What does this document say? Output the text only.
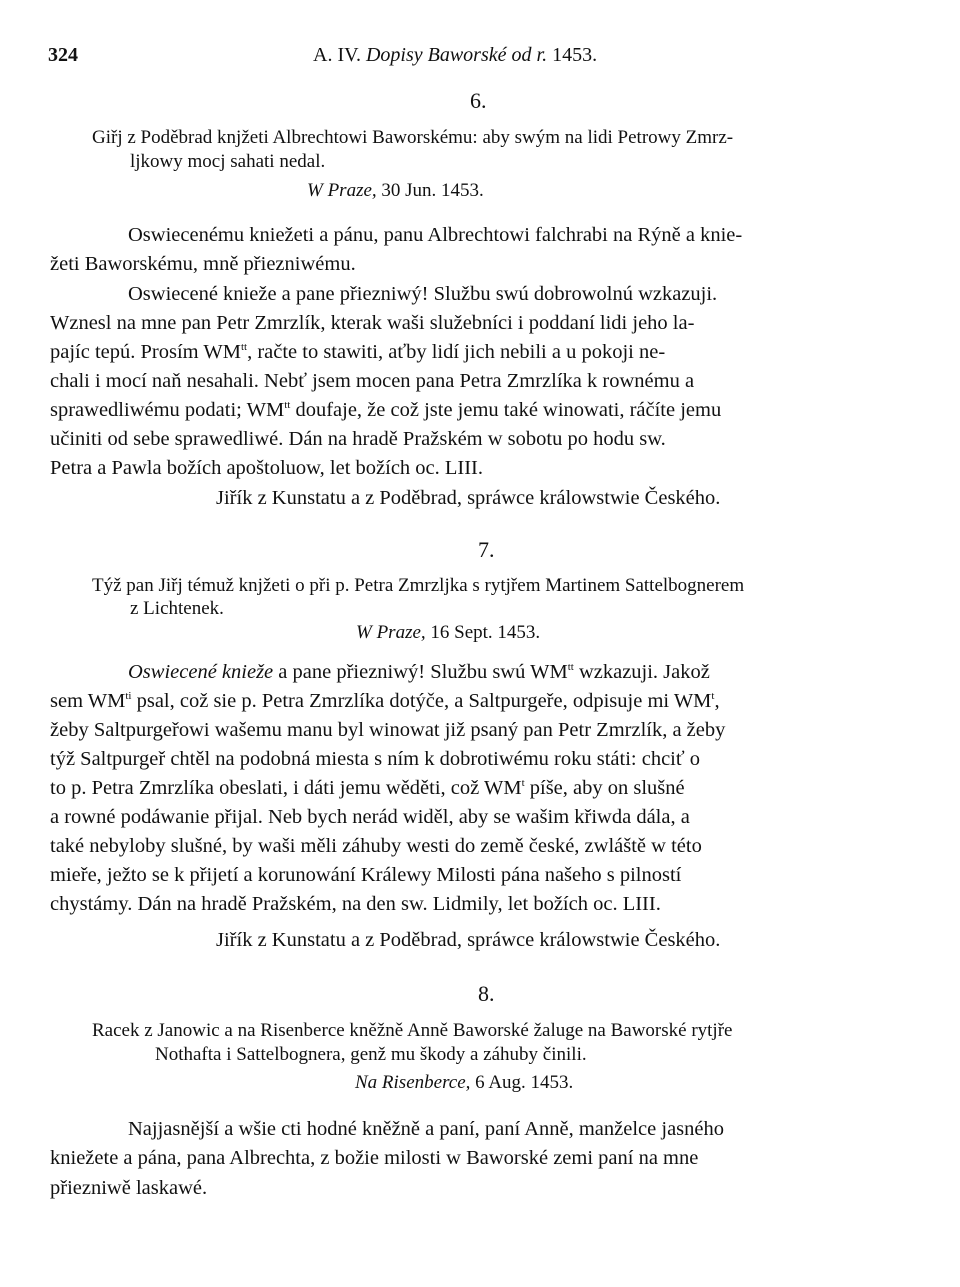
324	A. IV. Dopisy Baworské od r. 1453.
6.
Giřj z Poděbrad knjžeti Albrechtowi Baworskému: aby swým na lidi Petrowy Zmrz-
ljkowy mocj sahati nedal.
W Praze, 30 Jun. 1453.
Oswiecenému kniežeti a pánu, panu Albrechtowi falchrabi na Rýně a knie-
žeti Baworskému, mně přiezniwému.
Oswiecené knieže a pane přiezniwý! Službu swú dobrowolnú wzkazuji.
Wznesl na mne pan Petr Zmrzlík, kterak waši služebníci i poddaní lidi jeho la-
pajíc tepú. Prosím $WM^{tt}$, račte to stawiti, aťby lidí jich nebili a u pokoji ne-
chali i mocí naň nesahali. Nebť jsem mocen pana Petra Zmrzlíka k rownému a
sprawedliwému podati; $WM^{tt}$ doufaje, že což jste jemu také winowati, ráčíte jemu
učiniti od sebe sprawedliwé. Dán na hradě Pražském w sobotu po hodu sw.
Petra a Pawla božích apoštoluow, let božích oc. LIII.
Jiřík z Kunstatu a z Poděbrad, spráwce králowstwie Českého.
7.
Týž pan Jiřj témuž knjžeti o při p. Petra Zmrzljka s rytjřem Martinem Sattelbognerem
z Lichtenek.
W Praze, 16 Sept. 1453.
Oswiecené knieže a pane přiezniwý! Službu swú $WM^{tt}$ wzkazuji. Jakož
sem $WM^{ti}$ psal, což sie p. Petra Zmrzlíka dotýče, a Saltpurgeře, odpisuje mi $WM^t$,
žeby Saltpurgeřowi wašemu manu byl winowat již psaný pan Petr Zmrzlík, a žeby
týž Saltpurgeř chtěl na podobná miesta s ním k dobrotiwému roku státi: chciť o
to p. Petra Zmrzlíka obeslati, i dáti jemu wěděti, což $WM^t$ píše, aby on slušné
a rowné podáwanie přijal. Neb bych nerád widěl, aby se wašim křiwda dála, a
také nebyloby slušné, by waši měli záhuby westi do země české, zwláště w této
mieře, ježto se k přijetí a korunowání Králewy Milosti pána našeho s pilností
chystámy. Dán na hradě Pražském, na den sw. Lidmily, let božích oc. LIII.
Jiřík z Kunstatu a z Poděbrad, spráwce králowstwie Českého.
8.
Racek z Janowic a na Risenberce kněžně Anně Baworské žaluge na Baworské rytjře
Nothafta i Sattelbognera, genž mu škody a záhuby činili.
Na Risenberce, 6 Aug. 1453.
Najjasnější a wšie cti hodné kněžně a paní, paní Anně, manželce jasného
kniežete a pána, pana Albrechta, z božie milosti w Baworské zemi paní na mne
přiezniwě laskawé.
